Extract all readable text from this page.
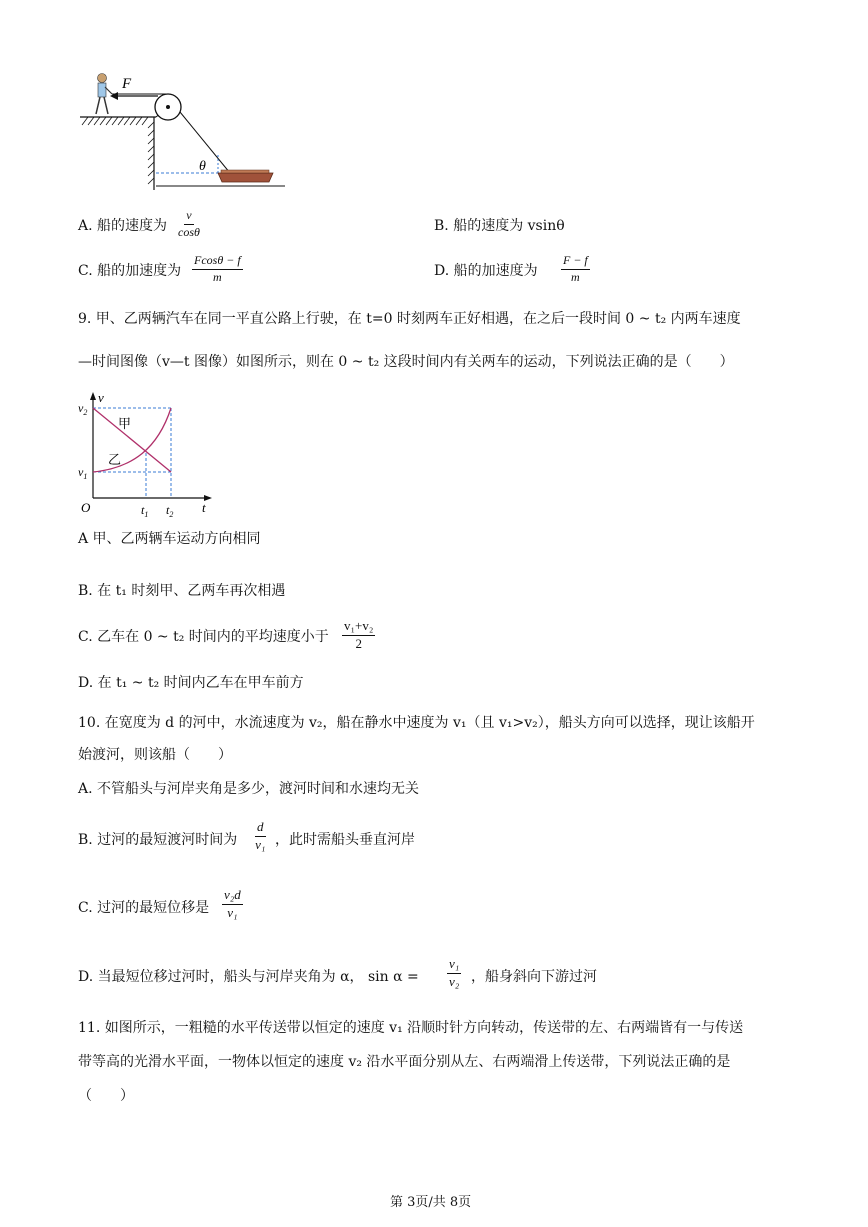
F
θ
A. 船的速度为 $\frac{v}{\cos\theta}$	B. 船的速度为 vsinθ
C. 船的加速度为 $\frac{Fcos\theta - f}{m}$	D. 船的加速度为 $\frac{F - f}{m}$
9. 甲、乙两辆汽车在同一平直公路上行驶，在 t=0 时刻两车正好相遇，在之后一段时间 0 ~ t₂ 内两车速度
—时间图像（v—t 图像）如图所示，则在 0 ~ t₂ 这段时间内有关两车的运动，下列说法正确的是（　　）
v
t
O
$v_2$
$v_1$
$t_1$ $t_2$
甲
乙
A 甲、乙两辆车运动方向相同
B. 在 t₁ 时刻甲、乙两车再次相遇
C. 乙车在 0 ~ t₂ 时间内的平均速度小于 $\frac{\text{v₁+v₂}}{2}$
D. 在 t₁ ~ t₂ 时间内乙车在甲车前方
10. 在宽度为 d 的河中，水流速度为 v₂，船在静水中速度为 v₁（且 v₁>v₂），船头方向可以选择，现让该船开
始渡河，则该船（　　）
A. 不管船头与河岸夹角是多少，渡河时间和水速均无关
B. 过河的最短渡河时间为 $\frac{d}{\text{v₁}}$ ，此时需船头垂直河岸
C. 过河的最短位移是 $\frac{\text{v₂d}}{\text{v₁}}$
D. 当最短位移过河时，船头与河岸夹角为 α， $\sin \alpha = \frac{\text{v₁}}{\text{v₂}}$ ，船身斜向下游过河
11. 如图所示，一粗糙的水平传送带以恒定的速度 v₁ 沿顺时针方向转动，传送带的左、右两端皆有一与传送
带等高的光滑水平面，一物体以恒定的速度 v₂ 沿水平面分别从左、右两端滑上传送带，下列说法正确的是
（　　）
第 3页/共 8页
